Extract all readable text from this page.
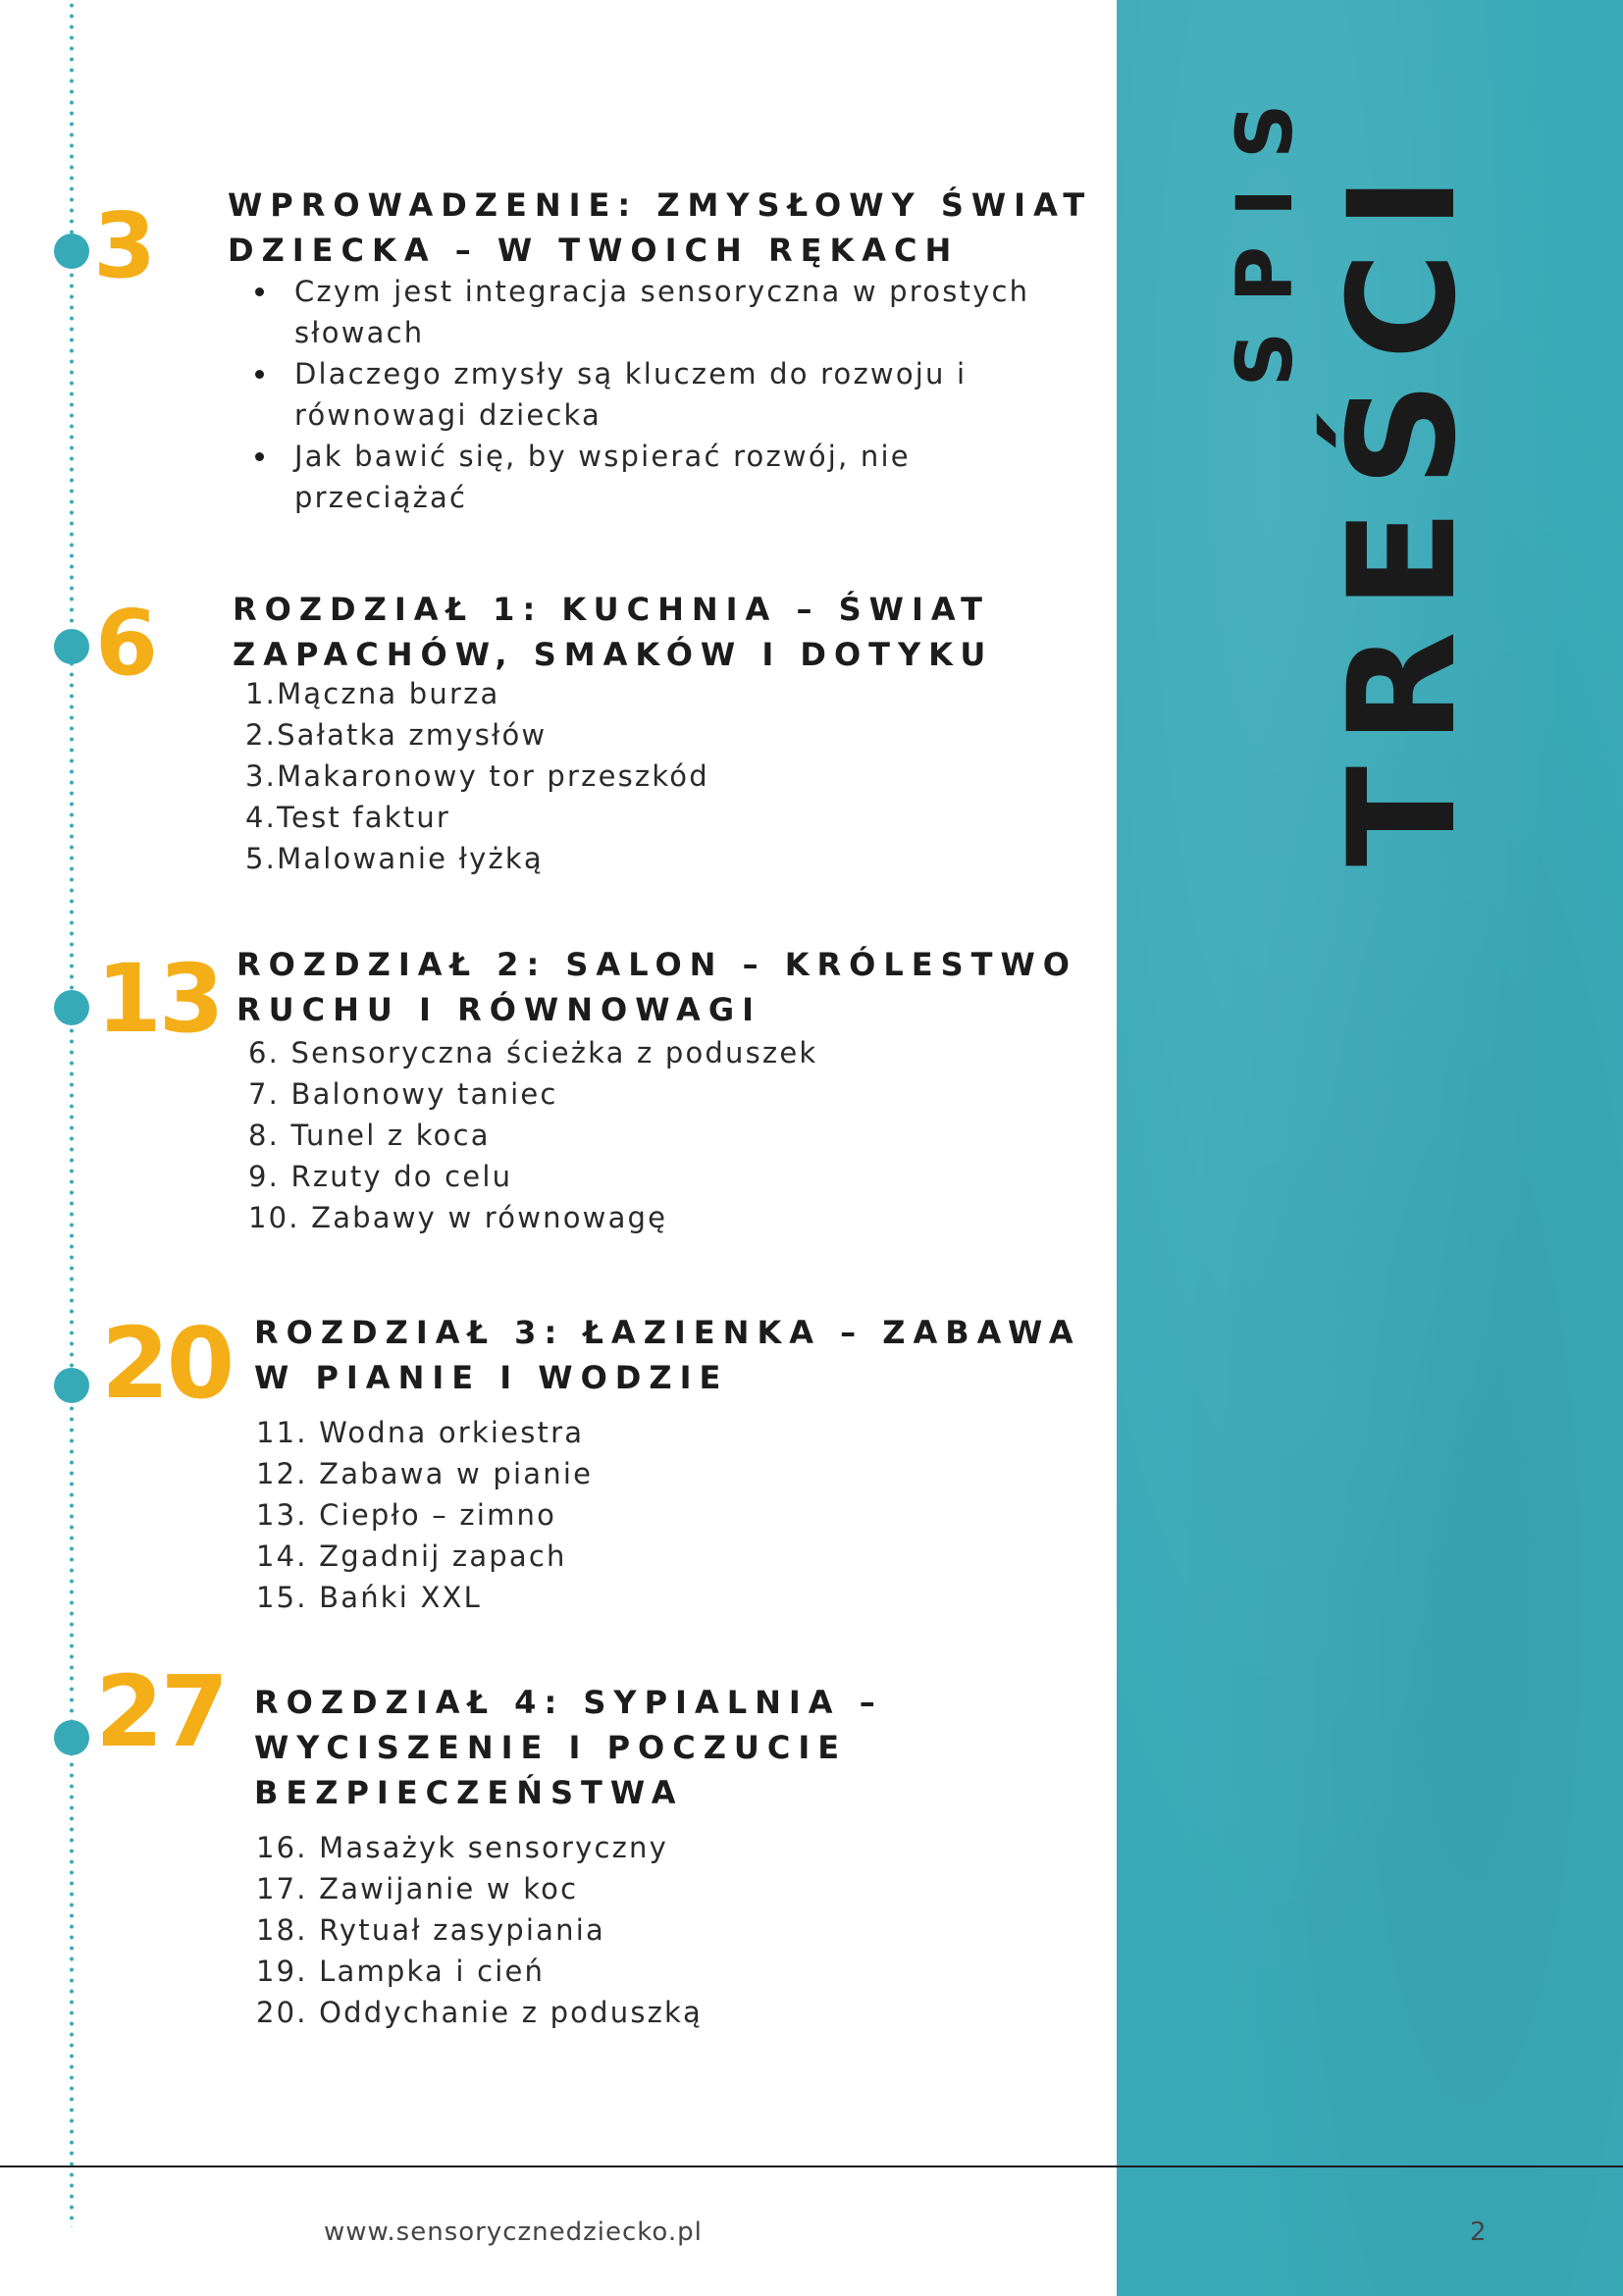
SPIS TREŚCI
3 WPROWADZENIE: ZMYSŁOWY ŚWIAT
DZIECKA – W TWOICH RĘKACH

Czym jest integracja sensoryczna w prostych
słowach
Dlaczego zmysły są kluczem do rozwoju i
równowagi dziecka
Jak bawić się, by wspierać rozwój, nie
przeciążać
6 ROZDZIAŁ 1: KUCHNIA – ŚWIAT
ZAPACHÓW, SMAKÓW I DOTYKU

1.Mączna burza
2.Sałatka zmysłów
3.Makaronowy tor przeszkód
4.Test faktur
5.Malowanie łyżką
13 ROZDZIAŁ 2: SALON – KRÓLESTWO
RUCHU I RÓWNOWAGI

6. Sensoryczna ścieżka z poduszek
7. Balonowy taniec
8. Tunel z koca
9. Rzuty do celu
10. Zabawy w równowagę
20 ROZDZIAŁ 3: ŁAZIENKA – ZABAWA
W PIANIE I WODZIE

11. Wodna orkiestra
12. Zabawa w pianie
13. Ciepło – zimno
14. Zgadnij zapach
15. Bańki XXL
27 ROZDZIAŁ 4: SYPIALNIA –
WYCISZENIE I POCZUCIE
BEZPIECZEŃSTWA

16. Masażyk sensoryczny
17. Zawijanie w koc
18. Rytuał zasypiania
19. Lampka i cień
20. Oddychanie z poduszką
www.sensorycznedziecko.pl	2
